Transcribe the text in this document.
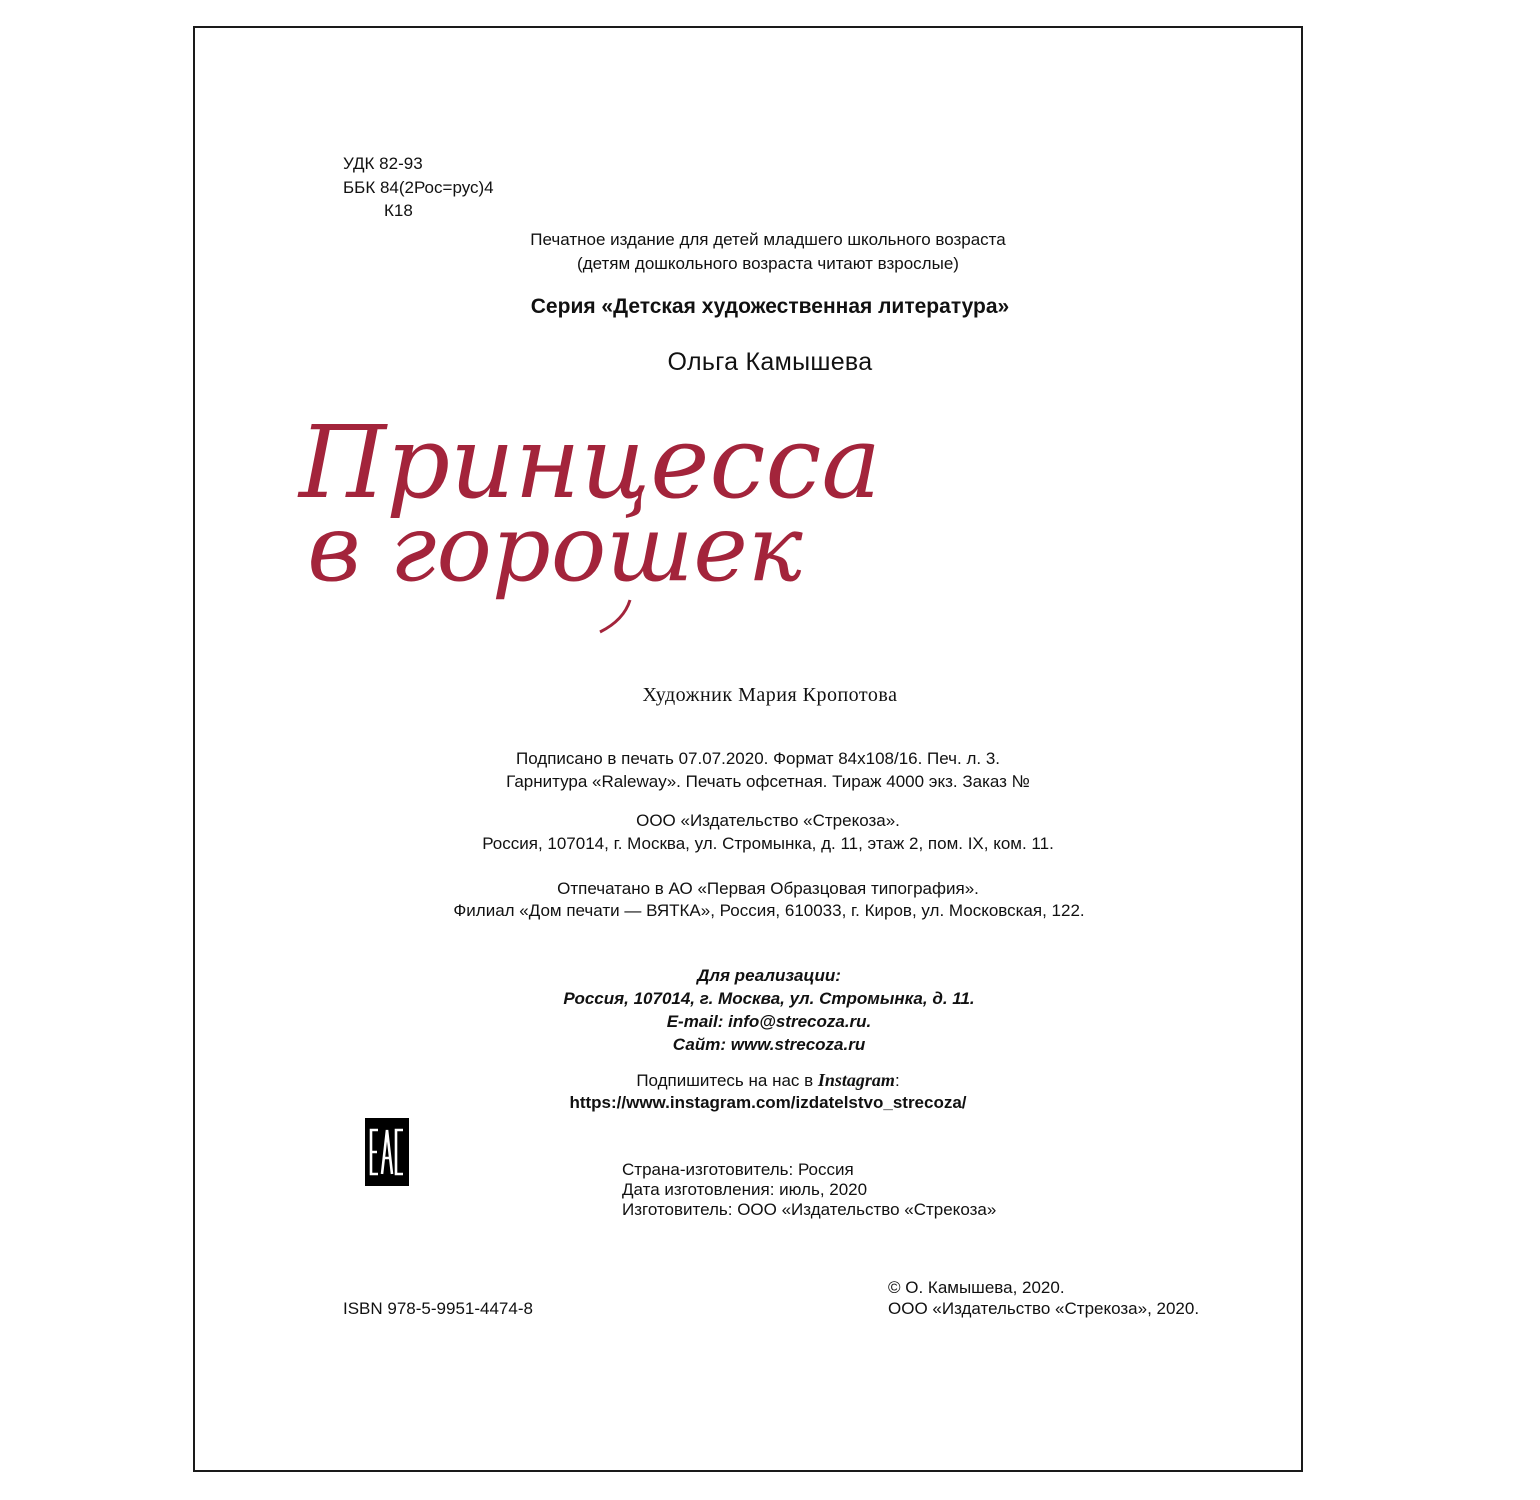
УДК 82-93
ББК 84(2Рос=рус)4
К18
Печатное издание для детей младшего школьного возраста
(детям дошкольного возраста читают взрослые)
Серия «Детская художественная литература»
Ольга Камышева
Принцесса
в горошек
Художник Мария Кропотова
Подписано в печать 07.07.2020. Формат 84х108/16. Печ. л. 3.
Гарнитура «Raleway». Печать офсетная. Тираж 4000 экз. Заказ №
ООО «Издательство «Стрекоза».
Россия, 107014, г. Москва, ул. Стромынка, д. 11, этаж 2, пом. IX, ком. 11.
Отпечатано в АО «Первая Образцовая типография».
Филиал «Дом печати — ВЯТКА», Россия, 610033, г. Киров, ул. Московская, 122.
Для реализации:
Россия, 107014, г. Москва, ул. Стромынка, д. 11.
E-mail: info@strecoza.ru.
Сайт: www.strecoza.ru
Подпишитесь на нас в Instagram:
https://www.instagram.com/izdatelstvo_strecoza/
Страна-изготовитель: Россия
Дата изготовления: июль, 2020
Изготовитель: ООО «Издательство «Стрекоза»
© О. Камышева, 2020.
ООО «Издательство «Стрекоза», 2020.
ISBN 978-5-9951-4474-8
